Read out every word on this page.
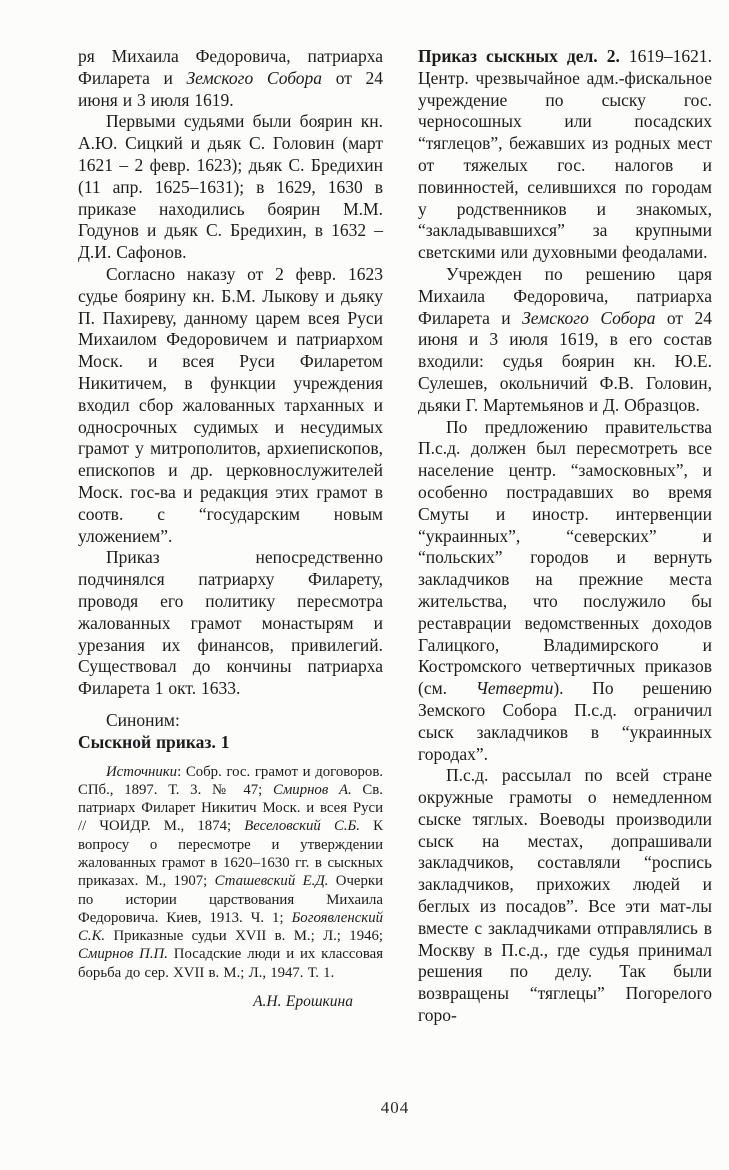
ря Михаила Федоровича, патриарха Филарета и Земского Собора от 24 июня и 3 июля 1619.

Первыми судьями были боярин кн. А.Ю. Сицкий и дьяк С. Головин (март 1621 – 2 февр. 1623); дьяк С. Бредихин (11 апр. 1625–1631); в 1629, 1630 в приказе находились боярин М.М. Годунов и дьяк С. Бредихин, в 1632 – Д.И. Сафонов.

Согласно наказу от 2 февр. 1623 судье боярину кн. Б.М. Лыкову и дьяку П. Пахиреву, данному царем всея Руси Михаилом Федоровичем и патриархом Моск. и всея Руси Филаретом Никитичем, в функции учреждения входил сбор жалованных тарханных и односрочных судимых и несудимых грамот у митрополитов, архиепископов, епископов и др. церковнослужителей Моск. гос-ва и редакция этих грамот в соотв. с “государским новым уложением”.

Приказ непосредственно подчинялся патриарху Филарету, проводя его политику пересмотра жалованных грамот монастырям и урезания их финансов, привилегий. Существовал до кончины патриарха Филарета 1 окт. 1633.

Синоним:

Сыскной приказ. 1

Источники: Собр. гос. грамот и договоров. СПб., 1897. Т. 3. № 47; Смирнов А. Св. патриарх Филарет Никитич Моск. и всея Руси // ЧОИДР. М., 1874; Веселовский С.Б. К вопросу о пересмотре и утверждении жалованных грамот в 1620–1630 гг. в сыскных приказах. М., 1907; Сташевский Е.Д. Очерки по истории царствования Михаила Федоровича. Киев, 1913. Ч. 1; Богоявленский С.К. Приказные судьи XVII в. М.; Л.; 1946; Смирнов П.П. Посадские люди и их классовая борьба до сер. XVII в. М.; Л., 1947. Т. 1.

А.Н. Ерошкина

Приказ сыскных дел. 2. 1619–1621. Центр. чрезвычайное адм.-фискальное учреждение по сыску гос. черносошных или посадских “тяглецов”, бежавших из родных мест от тяжелых гос. налогов и повинностей, селившихся по городам у родственников и знакомых, “закладывавшихся” за крупными светскими или духовными феодалами.

Учрежден по решению царя Михаила Федоровича, патриарха Филарета и Земского Собора от 24 июня и 3 июля 1619, в его состав входили: судья боярин кн. Ю.Е. Сулешев, окольничий Ф.В. Головин, дьяки Г. Мартемьянов и Д. Образцов.

По предложению правительства П.с.д. должен был пересмотреть все население центр. “замосковных”, и особенно пострадавших во время Смуты и иностр. интервенции “украинных”, “северских” и “польских” городов и вернуть закладчиков на прежние места жительства, что послужило бы реставрации ведомственных доходов Галицкого, Владимирского и Костромского четвертичных приказов (см. Четверти). По решению Земского Собора П.с.д. ограничил сыск закладчиков в “украинных городах”.

П.с.д. рассылал по всей стране окружные грамоты о немедленном сыске тяглых. Воеводы производили сыск на местах, допрашивали закладчиков, составляли “роспись закладчиков, прихожих людей и беглых из посадов”. Все эти мат-лы вместе с закладчиками отправлялись в Москву в П.с.д., где судья принимал решения по делу. Так были возвращены “тяглецы” Погорелого горо-

404
